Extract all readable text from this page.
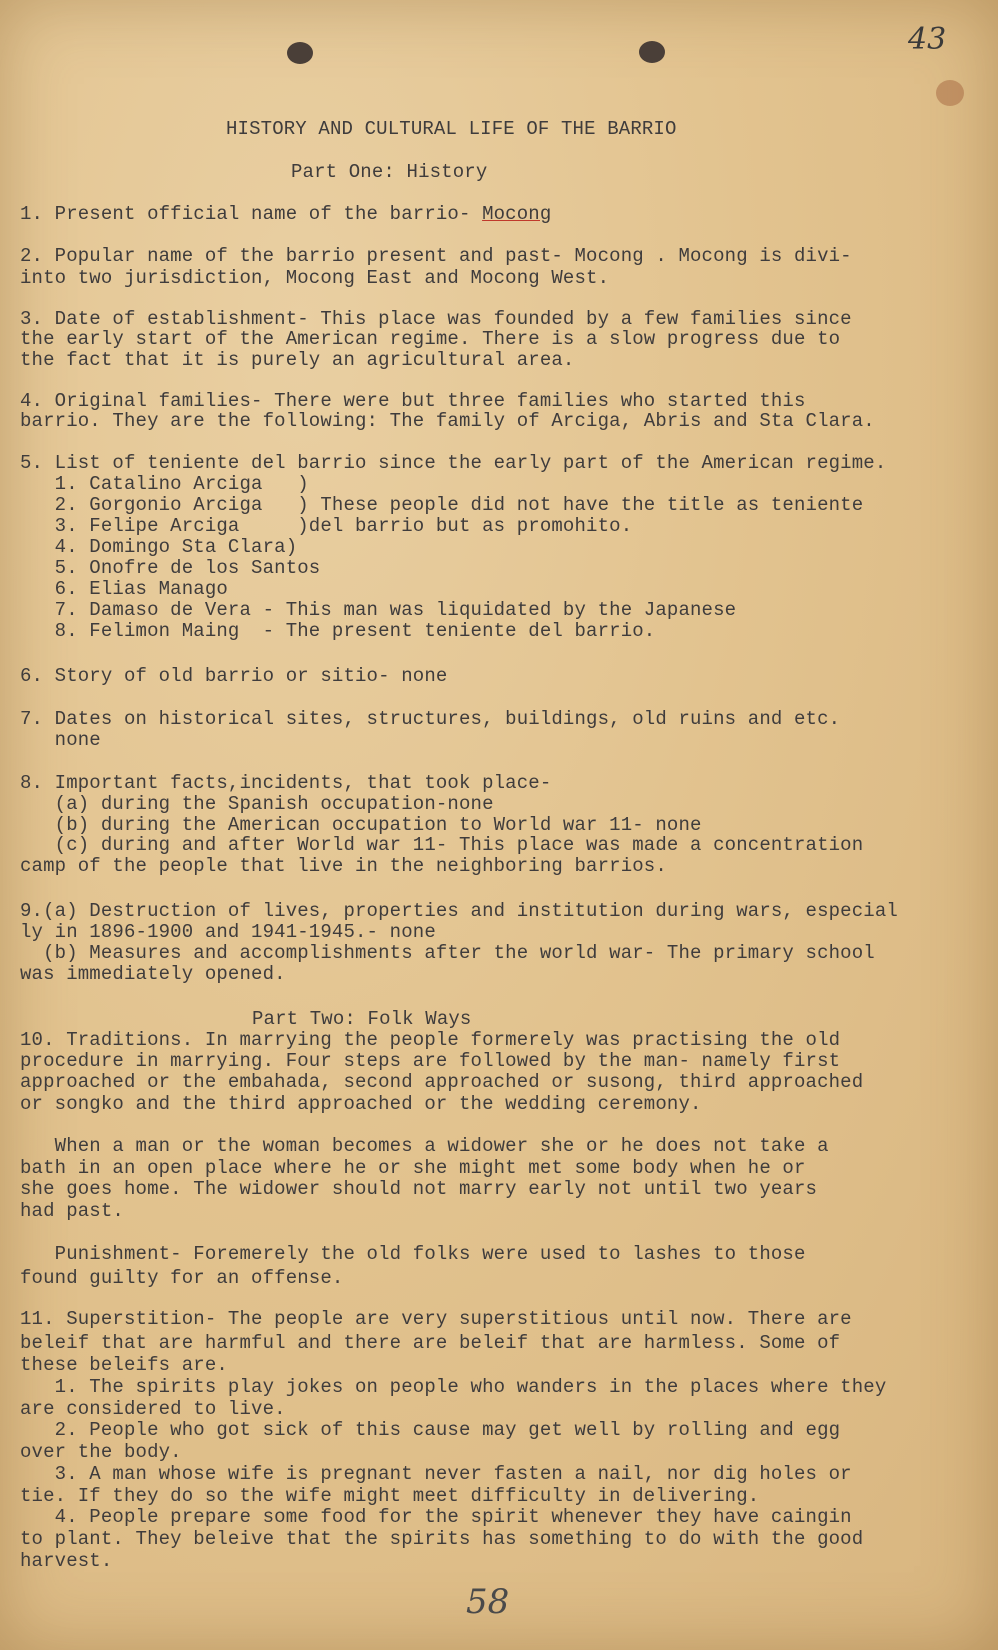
43
HISTORY AND CULTURAL LIFE OF THE BARRIO
Part One: History
1. Present official name of the barrio- Mocong
2. Popular name of the barrio present and past- Mocong . Mocong is divi-
into two jurisdiction, Mocong East and Mocong West.
3. Date of establishment- This place was founded by a few families since
the early start of the American regime. There is a slow progress due to
the fact that it is purely an agricultural area.
4. Original families- There were but three families who started this
barrio. They are the following: The family of Arciga, Abris and Sta Clara.
5. List of teniente del barrio since the early part of the American regime.
1. Catalino Arciga   )
2. Gorgonio Arciga   ) These people did not have the title as teniente
3. Felipe Arciga     )del barrio but as promohito.
4. Domingo Sta Clara)
5. Onofre de los Santos
6. Elias Manago
7. Damaso de Vera - This man was liquidated by the Japanese
8. Felimon Maing  - The present teniente del barrio.
6. Story of old barrio or sitio- none
7. Dates on historical sites, structures, buildings, old ruins and etc.
none
8. Important facts,incidents, that took place-
(a) during the Spanish occupation-none
(b) during the American occupation to World war 11- none
(c) during and after World war 11- This place was made a concentration
camp of the people that live in the neighboring barrios.
9.(a) Destruction of lives, properties and institution during wars, especial
ly in 1896-1900 and 1941-1945.- none
(b) Measures and accomplishments after the world war- The primary school
was immediately opened.
Part Two: Folk Ways
10. Traditions. In marrying the people formerely was practising the old
procedure in marrying. Four steps are followed by the man- namely first
approached or the embahada, second approached or susong, third approached
or songko and the third approached or the wedding ceremony.
When a man or the woman becomes a widower she or he does not take a
bath in an open place where he or she might met some body when he or
she goes home. The widower should not marry early not until two years
had past.
Punishment- Foremerely the old folks were used to lashes to those
found guilty for an offense.
11. Superstition- The people are very superstitious until now. There are
beleif that are harmful and there are beleif that are harmless. Some of
these beleifs are.
1. The spirits play jokes on people who wanders in the places where they
are considered to live.
2. People who got sick of this cause may get well by rolling and egg
over the body.
3. A man whose wife is pregnant never fasten a nail, nor dig holes or
tie. If they do so the wife might meet difficulty in delivering.
4. People prepare some food for the spirit whenever they have caingin
to plant. They beleive that the spirits has something to do with the good
harvest.
58
